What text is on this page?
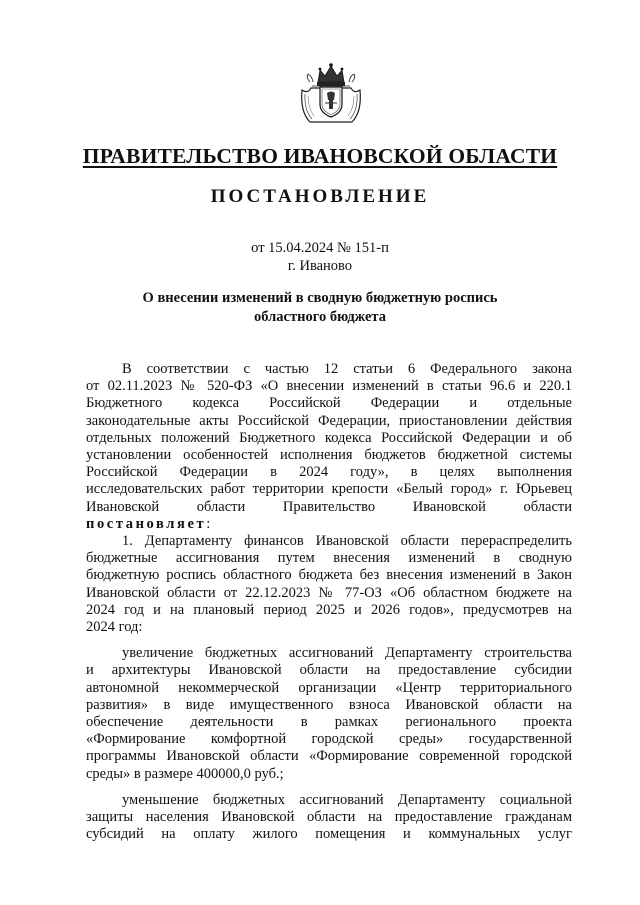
ПРАВИТЕЛЬСТВО ИВАНОВСКОЙ ОБЛАСТИ
ПОСТАНОВЛЕНИЕ
от 15.04.2024 № 151-п
г. Иваново
О внесении изменений в сводную бюджетную роспись
областного бюджета

В соответствии с частью 12 статьи 6 Федерального закона

от 02.11.2023 № 520-ФЗ «О внесении изменений в статьи 96.6 и 220.1

Бюджетного кодекса Российской Федерации и отдельные

законодательные акты Российской Федерации, приостановлении действия

отдельных положений Бюджетного кодекса Российской Федерации и об

установлении особенностей исполнения бюджетов бюджетной системы

Российской Федерации в 2024 году», в целях выполнения

исследовательских работ территории крепости «Белый город» г. Юрьевец

Ивановской области Правительство Ивановской области

постановляет:

1. Департаменту финансов Ивановской области перераспределить

бюджетные ассигнования путем внесения изменений в сводную

бюджетную роспись областного бюджета без внесения изменений в Закон

Ивановской области от 22.12.2023 № 77-ОЗ «Об областном бюджете на

2024 год и на плановый период 2025 и 2026 годов», предусмотрев на

2024 год:

увеличение бюджетных ассигнований Департаменту строительства

и архитектуры Ивановской области на предоставление субсидии

автономной некоммерческой организации «Центр территориального

развития» в виде имущественного взноса Ивановской области на

обеспечение деятельности в рамках регионального проекта

«Формирование комфортной городской среды» государственной

программы Ивановской области «Формирование современной городской

среды» в размере 400000,0 руб.;

уменьшение бюджетных ассигнований Департаменту социальной

защиты населения Ивановской области на предоставление гражданам

субсидий на оплату жилого помещения и коммунальных услуг
